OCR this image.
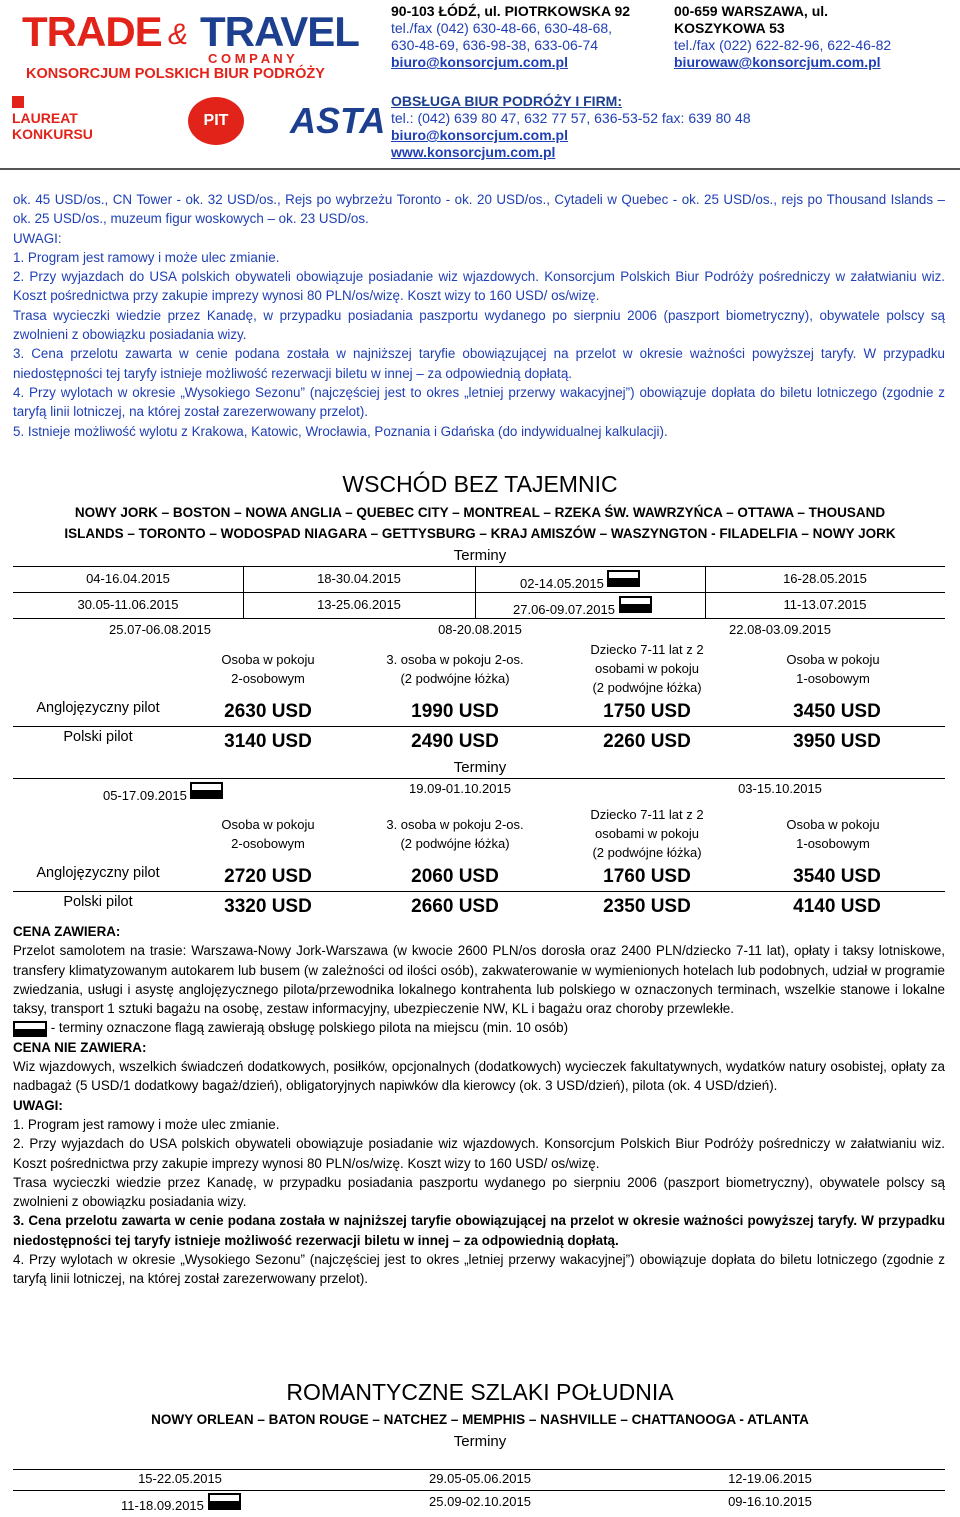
TRADE & TRAVEL
C O M P A N Y
KONSORCJUM POLSKICH BIUR PODRÓŻY
LAUREAT
KONKURSU
PIT	ASTA
90-103 ŁÓDŹ, ul. PIOTRKOWSKA 92
tel./fax (042) 630-48-66, 630-48-68,
630-48-69, 636-98-38, 633-06-74
biuro@konsorcjum.com.pl
00-659 WARSZAWA, ul.
KOSZYKOWA 53
tel./fax (022) 622-82-96, 622-46-82
biurowaw@konsorcjum.com.pl
OBSŁUGA BIUR PODRÓŻY I FIRM:
tel.: (042) 639 80 47, 632 77 57, 636-53-52 fax: 639 80 48
biuro@konsorcjum.com.pl
www.konsorcjum.com.pl

ok. 45 USD/os., CN Tower - ok. 32 USD/os., Rejs po wybrzeżu Toronto - ok. 20 USD/os., Cytadeli w Quebec - ok. 25 USD/os., rejs po Thousand Islands – ok. 25 USD/os., muzeum figur woskowych – ok. 23 USD/os.

UWAGI:

1. Program jest ramowy i może ulec zmianie.

2. Przy wyjazdach do USA polskich obywateli obowiązuje posiadanie wiz wjazdowych. Konsorcjum Polskich Biur Podróży pośredniczy w załatwianiu wiz. Koszt pośrednictwa przy zakupie imprezy wynosi 80 PLN/os/wizę. Koszt wizy to 160 USD/ os/wizę.

Trasa wycieczki wiedzie przez Kanadę, w przypadku posiadania paszportu wydanego po sierpniu 2006 (paszport biometryczny), obywatele polscy są zwolnieni z obowiązku posiadania wizy.

3. Cena przelotu zawarta w cenie podana została w najniższej taryfie obowiązującej na przelot w okresie ważności powyższej taryfy. W przypadku niedostępności tej taryfy istnieje możliwość rezerwacji biletu w innej – za odpowiednią dopłatą.

4. Przy wylotach w okresie „Wysokiego Sezonu” (najczęściej jest to okres „letniej przerwy wakacyjnej”) obowiązuje dopłata do biletu lotniczego (zgodnie z taryfą linii lotniczej, na której został zarezerwowany przelot).

5. Istnieje możliwość wylotu z Krakowa, Katowic, Wrocławia, Poznania i Gdańska (do indywidualnej kalkulacji).

WSCHÓD BEZ TAJEMNIC
NOWY JORK – BOSTON – NOWA ANGLIA – QUEBEC CITY – MONTREAL – RZEKA ŚW. WAWRZYŃCA – OTTAWA – THOUSAND
ISLANDS – TORONTO – WODOSPAD NIAGARA – GETTYSBURG – KRAJ AMISZÓW – WASZYNGTON - FILADELFIA – NOWY JORK
Terminy
04-16.04.2015	18-30.04.2015	02-14.05.2015	16-28.05.2015
30.05-11.06.2015	13-25.06.2015	27.06-09.07.2015	11-13.07.2015
25.07-06.08.2015	08-20.08.2015	22.08-03.09.2015
Osoba w pokoju
2-osobowym
3. osoba w pokoju 2-os.
(2 podwójne łóżka)
Dziecko 7-11 lat z 2
osobami w pokoju
(2 podwójne łóżka)
Osoba w pokoju
1-osobowym
Anglojęzyczny pilot	2630 USD	1990 USD	1750 USD	3450 USD
Polski pilot	3140 USD	2490 USD	2260 USD	3950 USD
Terminy
05-17.09.2015	19.09-01.10.2015	03-15.10.2015
Osoba w pokoju
2-osobowym
3. osoba w pokoju 2-os.
(2 podwójne łóżka)
Dziecko 7-11 lat z 2
osobami w pokoju
(2 podwójne łóżka)
Osoba w pokoju
1-osobowym
Anglojęzyczny pilot	2720 USD	2060 USD	1760 USD	3540 USD
Polski pilot	3320 USD	2660 USD	2350 USD	4140 USD

CENA ZAWIERA:

Przelot samolotem na trasie: Warszawa-Nowy Jork-Warszawa (w kwocie 2600 PLN/os dorosła oraz 2400 PLN/dziecko 7-11 lat), opłaty i taksy lotniskowe, transfery klimatyzowanym autokarem lub busem (w zależności od ilości osób), zakwaterowanie w wymienionych hotelach lub podobnych, udział w programie zwiedzania, usługi i asystę anglojęzycznego pilota/przewodnika lokalnego kontrahenta lub polskiego w oznaczonych terminach, wszelkie stanowe i lokalne taksy, transport 1 sztuki bagażu na osobę, zestaw informacyjny, ubezpieczenie NW, KL i bagażu oraz choroby przewlekłe.

- terminy oznaczone flagą zawierają obsługę polskiego pilota na miejscu (min. 10 osób)

CENA NIE ZAWIERA:

Wiz wjazdowych, wszelkich świadczeń dodatkowych, posiłków, opcjonalnych (dodatkowych) wycieczek fakultatywnych, wydatków natury osobistej, opłaty za nadbagaż (5 USD/1 dodatkowy bagaż/dzień), obligatoryjnych napiwków dla kierowcy (ok. 3 USD/dzień), pilota (ok. 4 USD/dzień).

UWAGI:

1. Program jest ramowy i może ulec zmianie.

2. Przy wyjazdach do USA polskich obywateli obowiązuje posiadanie wiz wjazdowych. Konsorcjum Polskich Biur Podróży pośredniczy w załatwianiu wiz. Koszt pośrednictwa przy zakupie imprezy wynosi 80 PLN/os/wizę. Koszt wizy to 160 USD/ os/wizę.

Trasa wycieczki wiedzie przez Kanadę, w przypadku posiadania paszportu wydanego po sierpniu 2006 (paszport biometryczny), obywatele polscy są zwolnieni z obowiązku posiadania wizy.

3. Cena przelotu zawarta w cenie podana została w najniższej taryfie obowiązującej na przelot w okresie ważności powyższej taryfy. W przypadku niedostępności tej taryfy istnieje możliwość rezerwacji biletu w innej – za odpowiednią dopłatą.

4. Przy wylotach w okresie „Wysokiego Sezonu” (najczęściej jest to okres „letniej przerwy wakacyjnej”) obowiązuje dopłata do biletu lotniczego (zgodnie z taryfą linii lotniczej, na której został zarezerwowany przelot).

ROMANTYCZNE SZLAKI POŁUDNIA
NOWY ORLEAN – BATON ROUGE – NATCHEZ – MEMPHIS – NASHVILLE – CHATTANOOGA - ATLANTA
Terminy
15-22.05.2015	29.05-05.06.2015	12-19.06.2015
11-18.09.2015	25.09-02.10.2015	09-16.10.2015
